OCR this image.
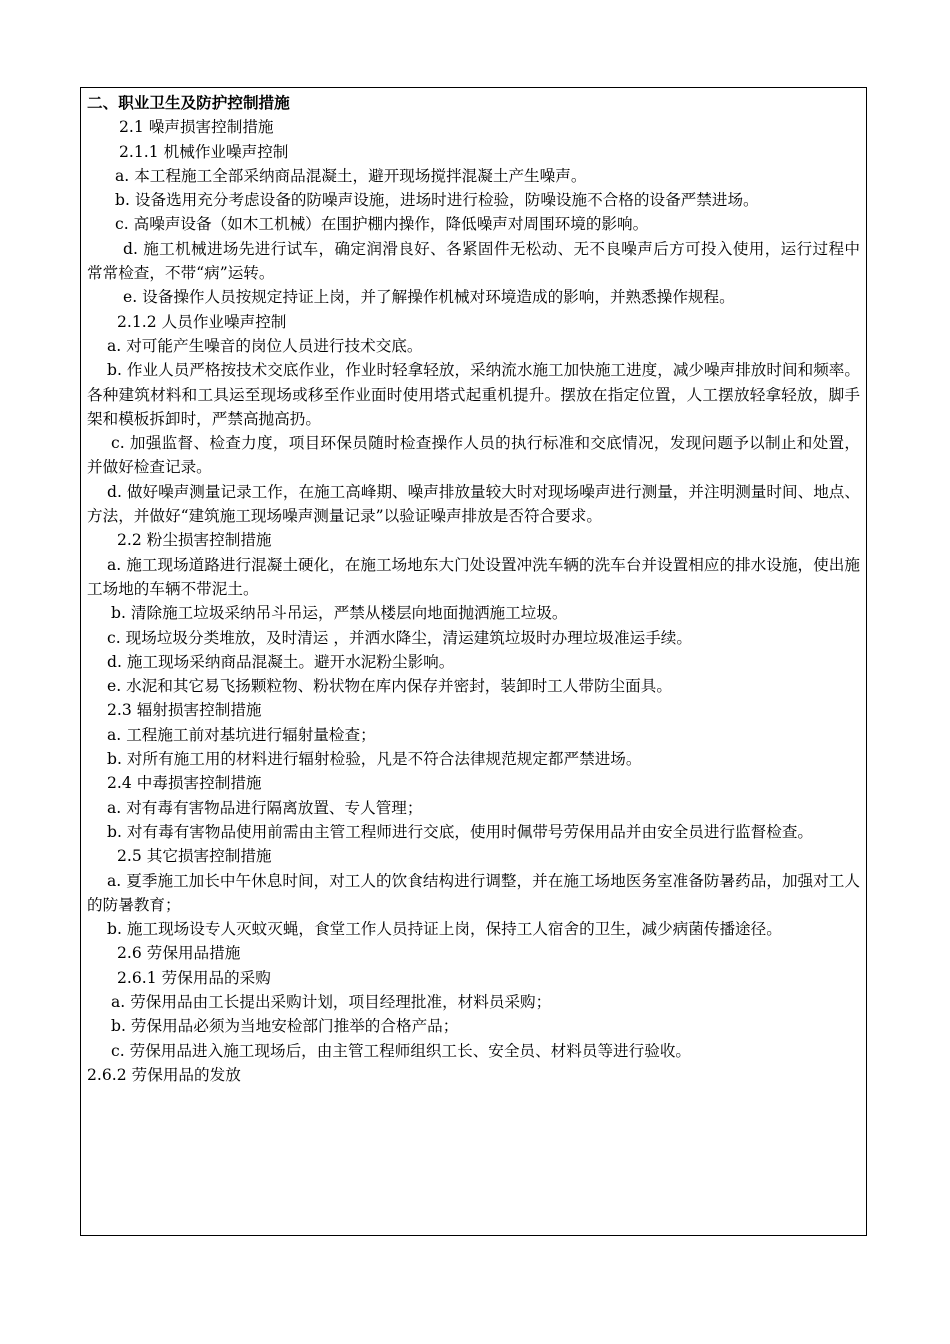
二、职业卫生及防护控制措施

2.1 噪声损害控制措施

2.1.1 机械作业噪声控制

a. 本工程施工全部采纳商品混凝土，避开现场搅拌混凝土产生噪声。

b. 设备选用充分考虑设备的防噪声设施，进场时进行检验，防噪设施不合格的设备严禁进场。

c. 高噪声设备（如木工机械）在围护棚内操作，降低噪声对周围环境的影响。

d. 施工机械进场先进行试车，确定润滑良好、各紧固件无松动、无不良噪声后方可投入使用，运行过程中常常检查，不带“病”运转。

e. 设备操作人员按规定持证上岗，并了解操作机械对环境造成的影响，并熟悉操作规程。

2.1.2 人员作业噪声控制

a. 对可能产生噪音的岗位人员进行技术交底。

b. 作业人员严格按技术交底作业，作业时轻拿轻放，采纳流水施工加快施工进度，减少噪声排放时间和频率。各种建筑材料和工具运至现场或移至作业面时使用塔式起重机提升。摆放在指定位置，人工摆放轻拿轻放，脚手架和模板拆卸时，严禁高抛高扔。

c. 加强监督、检查力度，项目环保员随时检查操作人员的执行标准和交底情况，发现问题予以制止和处置，并做好检查记录。

d. 做好噪声测量记录工作，在施工高峰期、噪声排放量较大时对现场噪声进行测量，并注明测量时间、地点、方法，并做好“建筑施工现场噪声测量记录”以验证噪声排放是否符合要求。

2.2 粉尘损害控制措施

a. 施工现场道路进行混凝土硬化，在施工场地东大门处设置冲洗车辆的洗车台并设置相应的排水设施，使出施工场地的车辆不带泥土。

b. 清除施工垃圾采纳吊斗吊运，严禁从楼层向地面抛洒施工垃圾。

c. 现场垃圾分类堆放，及时清运 ，并洒水降尘，清运建筑垃圾时办理垃圾准运手续。

d. 施工现场采纳商品混凝土。避开水泥粉尘影响。

e. 水泥和其它易飞扬颗粒物、粉状物在库内保存并密封，装卸时工人带防尘面具。

2.3 辐射损害控制措施

a. 工程施工前对基坑进行辐射量检查；

b. 对所有施工用的材料进行辐射检验，凡是不符合法律规范规定都严禁进场。

2.4 中毒损害控制措施

a. 对有毒有害物品进行隔离放置、专人管理；

b. 对有毒有害物品使用前需由主管工程师进行交底，使用时佩带号劳保用品并由安全员进行监督检查。

2.5 其它损害控制措施

a. 夏季施工加长中午休息时间，对工人的饮食结构进行调整，并在施工场地医务室准备防暑药品，加强对工人的防暑教育；

b. 施工现场设专人灭蚊灭蝇，食堂工作人员持证上岗，保持工人宿舍的卫生，减少病菌传播途径。

2.6 劳保用品措施

2.6.1 劳保用品的采购

a. 劳保用品由工长提出采购计划，项目经理批准，材料员采购；

b. 劳保用品必须为当地安检部门推举的合格产品；

c. 劳保用品进入施工现场后，由主管工程师组织工长、安全员、材料员等进行验收。

2.6.2 劳保用品的发放
